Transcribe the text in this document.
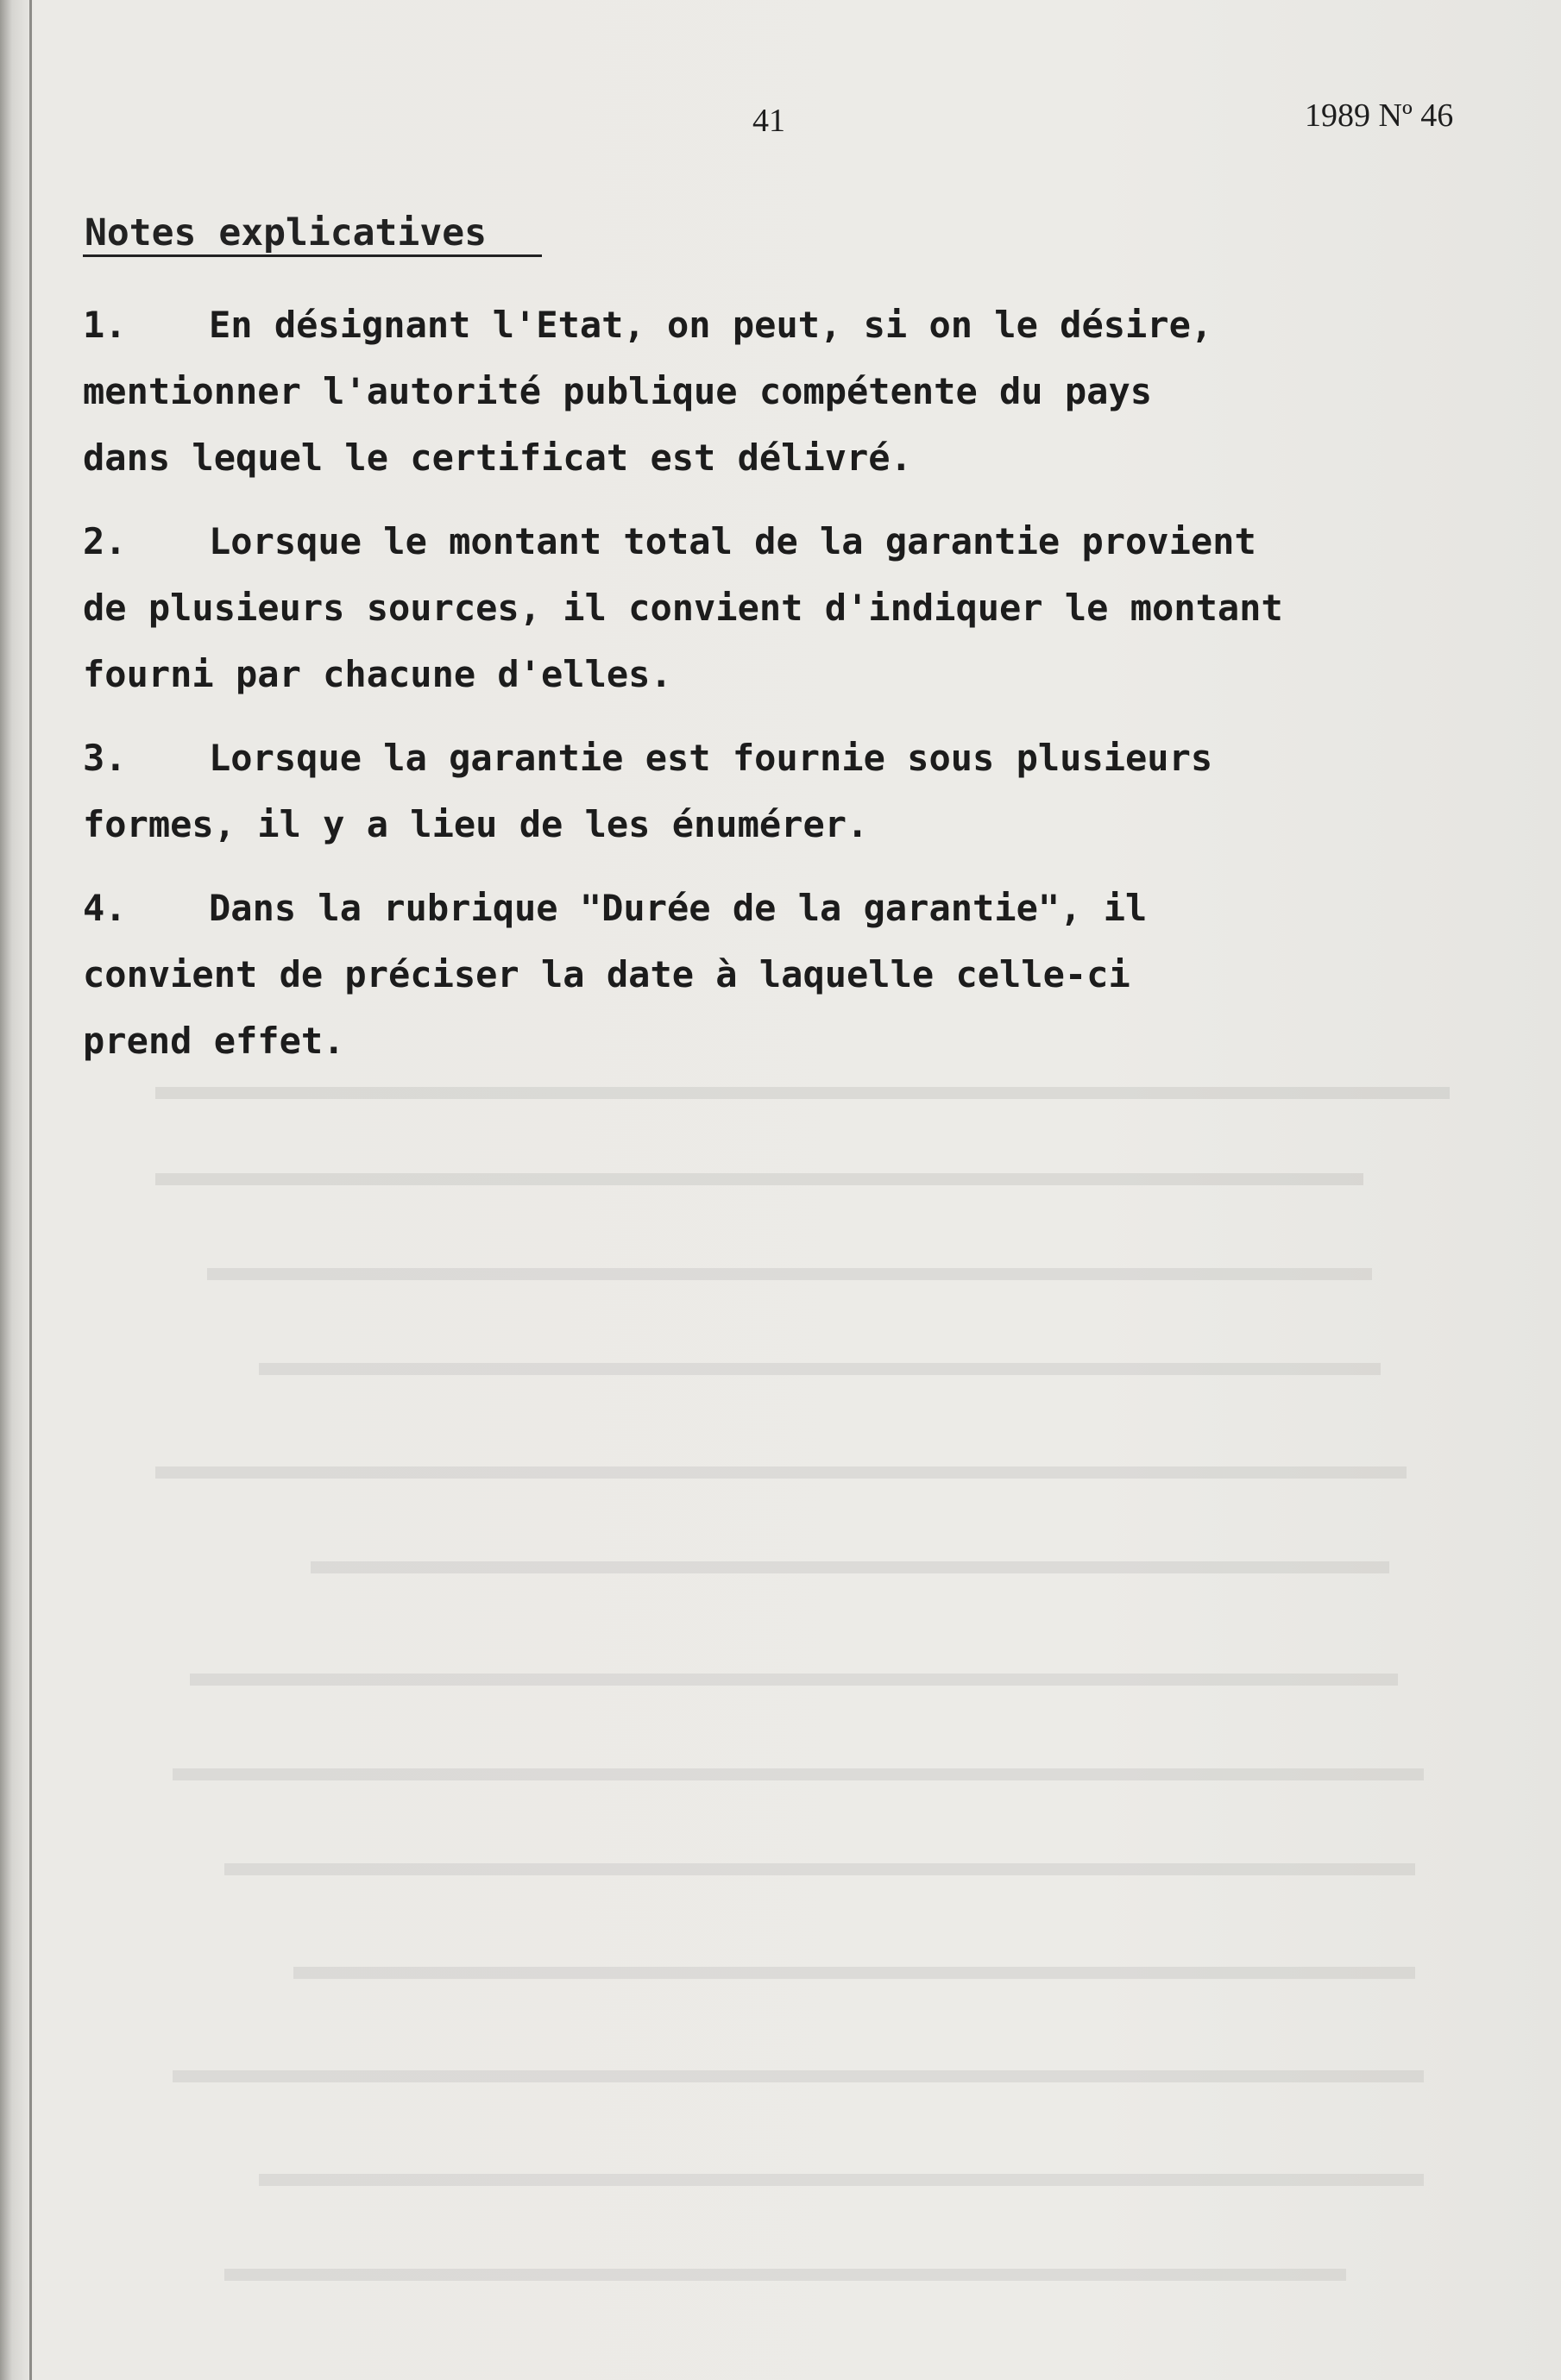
41	1989 Nº 46
Notes explicatives
1. En désignant l'Etat, on peut, si on le désire,
mentionner l'autorité publique compétente du pays
dans lequel le certificat est délivré.
2. Lorsque le montant total de la garantie provient
de plusieurs sources, il convient d'indiquer le montant
fourni par chacune d'elles.
3. Lorsque la garantie est fournie sous plusieurs
formes, il y a lieu de les énumérer.
4. Dans la rubrique "Durée de la garantie", il
convient de préciser la date à laquelle celle-ci
prend effet.
